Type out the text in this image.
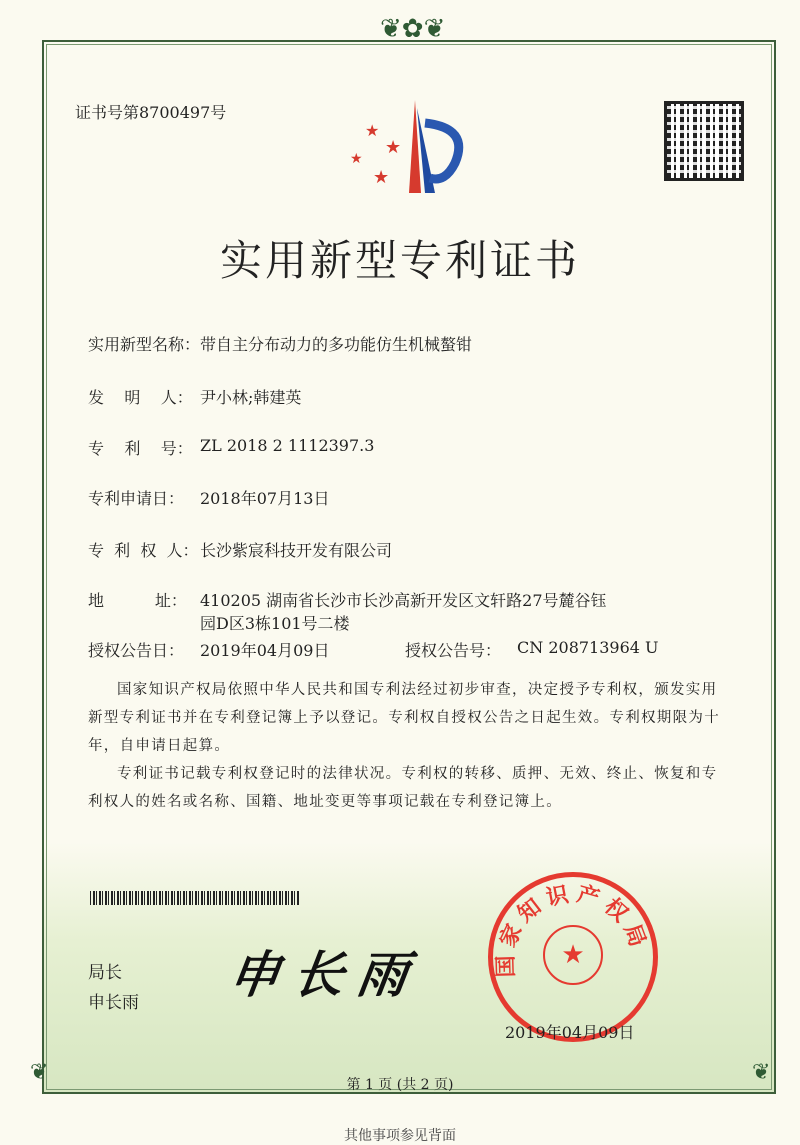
❦✿❦
❦	❦
证书号第8700497号
★
★
★
★
实用新型专利证书
实用新型名称： 带自主分布动力的多功能仿生机械螯钳
发    明    人： 尹小林;韩建英
专    利    号： ZL 2018 2 1112397.3
专利申请日： 2018年07月13日
专  利  权  人： 长沙紫宸科技开发有限公司
地          址： 410205 湖南省长沙市长沙高新开发区文轩路27号麓谷钰
园D区3栋101号二楼
授权公告日： 2019年04月09日	授权公告号： CN 208713964 U
国家知识产权局依照中华人民共和国专利法经过初步审查，决定授予专利权，颁发实用新型专利证书并在专利登记簿上予以登记。专利权自授权公告之日起生效。专利权期限为十年，自申请日起算。
专利证书记载专利权登记时的法律状况。专利权的转移、质押、无效、终止、恢复和专利权人的姓名或名称、国籍、地址变更等事项记载在专利登记簿上。
局长
申长雨 申长雨	国家知识产权局
★
2019年04月09日
第 1 页 (共 2 页)
其他事项参见背面
